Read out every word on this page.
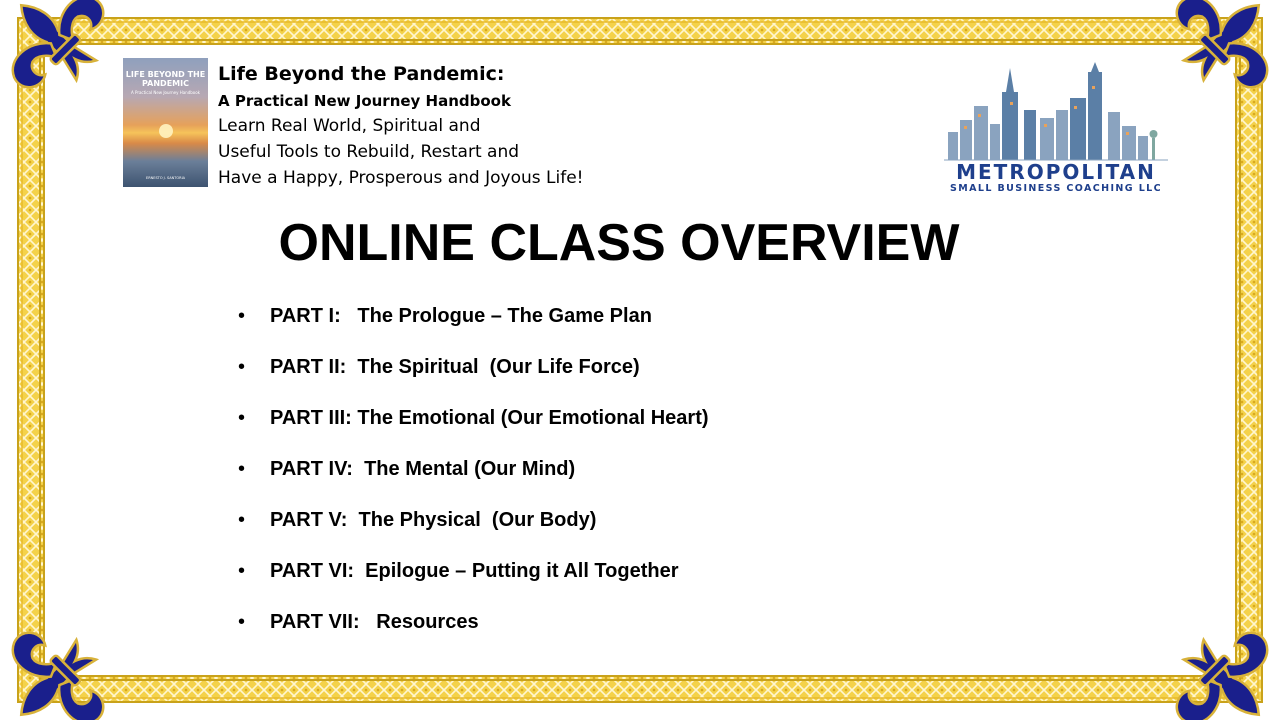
LIFE BEYOND THE PANDEMIC
A Practical New Journey Handbook
ERNESTO J. SANTORIA
Life Beyond the Pandemic:
A Practical New Journey Handbook
Learn Real World, Spiritual and
Useful Tools to Rebuild, Restart and
Have a Happy, Prosperous and Joyous Life!	METROPOLITAN
SMALL BUSINESS COACHING LLC
ONLINE CLASS OVERVIEW
• PART I:   The Prologue – The Game Plan
• PART II:  The Spiritual  (Our Life Force)
• PART III: The Emotional (Our Emotional Heart)
• PART IV:  The Mental (Our Mind)
• PART V:  The Physical  (Our Body)
• PART VI:  Epilogue – Putting it All Together
• PART VII:   Resources
